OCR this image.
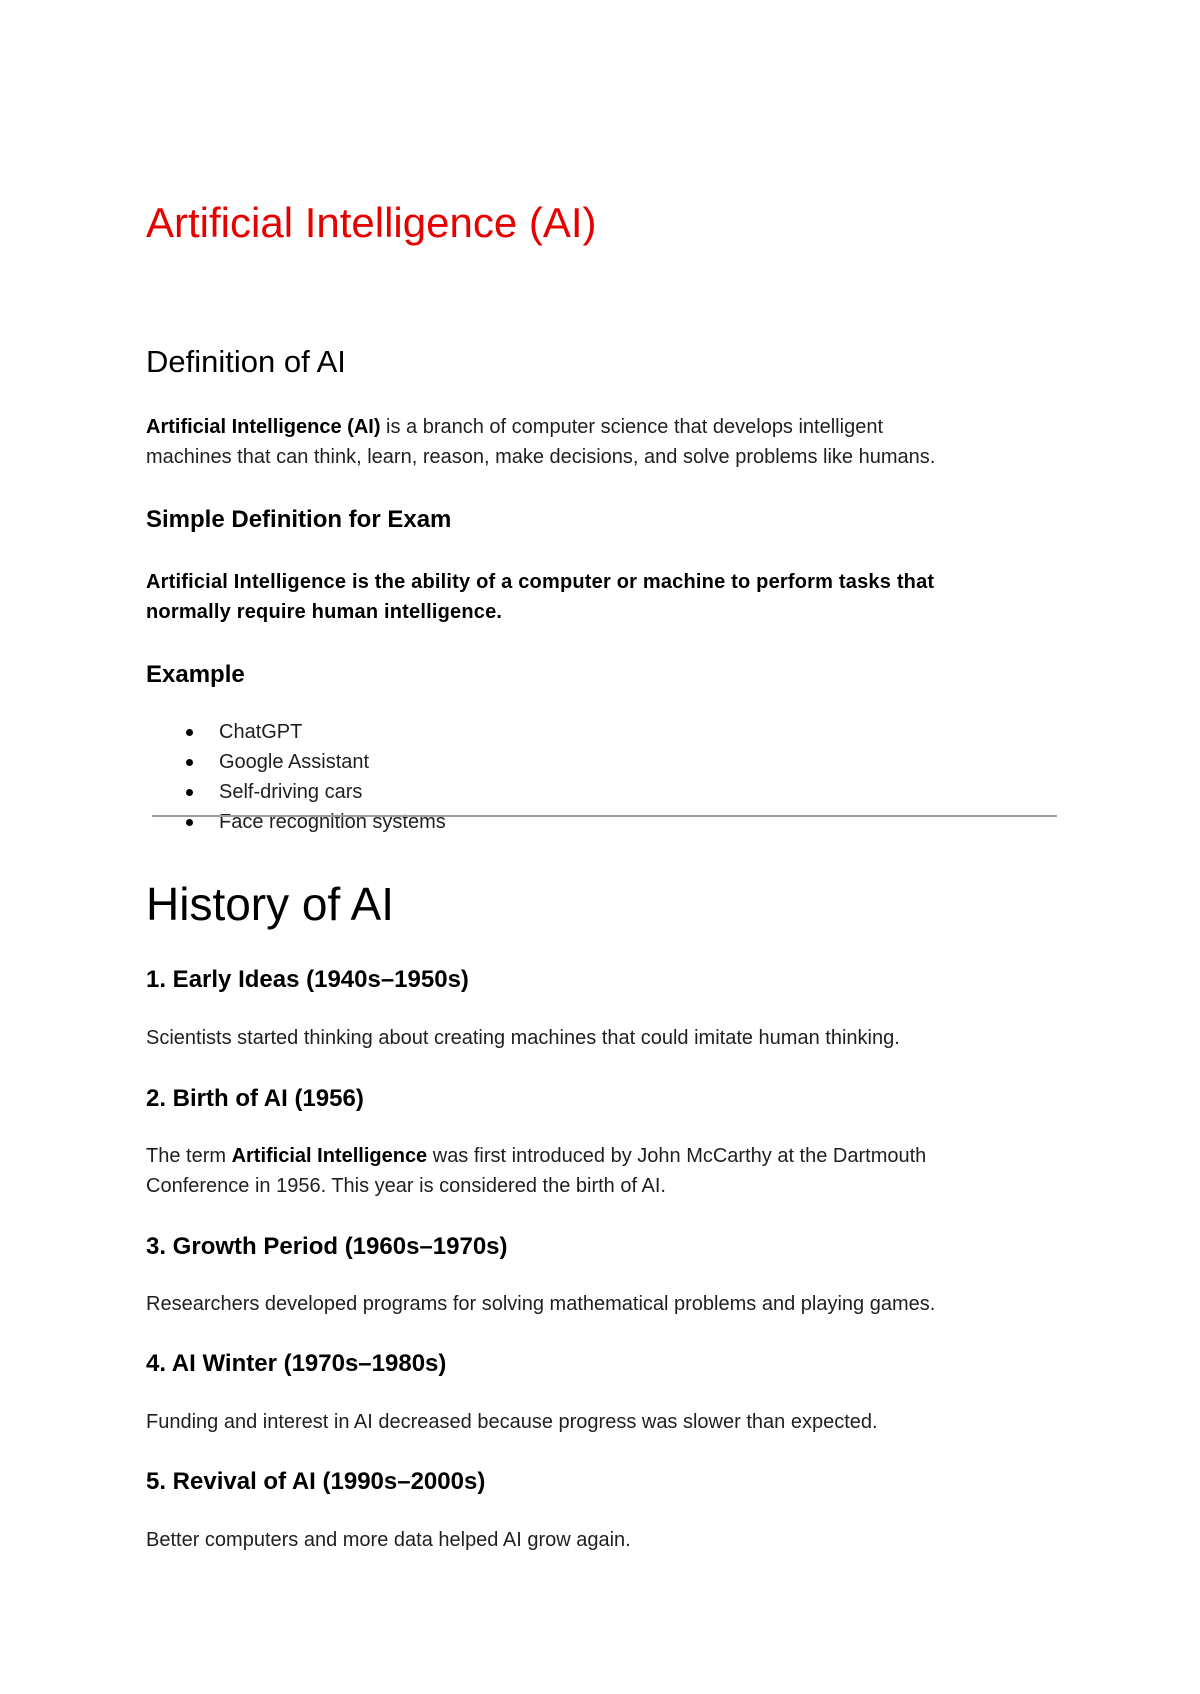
Artificial Intelligence (AI)
Definition of AI

Artificial Intelligence (AI) is a branch of computer science that develops intelligent
machines that can think, learn, reason, make decisions, and solve problems like humans.

Simple Definition for Exam

Artificial Intelligence is the ability of a computer or machine to perform tasks that
normally require human intelligence.

Example
ChatGPT
Google Assistant
Self-driving cars
Face recognition systems
History of AI
1. Early Ideas (1940s–1950s)

Scientists started thinking about creating machines that could imitate human thinking.

2. Birth of AI (1956)

The term Artificial Intelligence was first introduced by John McCarthy at the Dartmouth
Conference in 1956. This year is considered the birth of AI.

3. Growth Period (1960s–1970s)

Researchers developed programs for solving mathematical problems and playing games.

4. AI Winter (1970s–1980s)

Funding and interest in AI decreased because progress was slower than expected.

5. Revival of AI (1990s–2000s)

Better computers and more data helped AI grow again.
